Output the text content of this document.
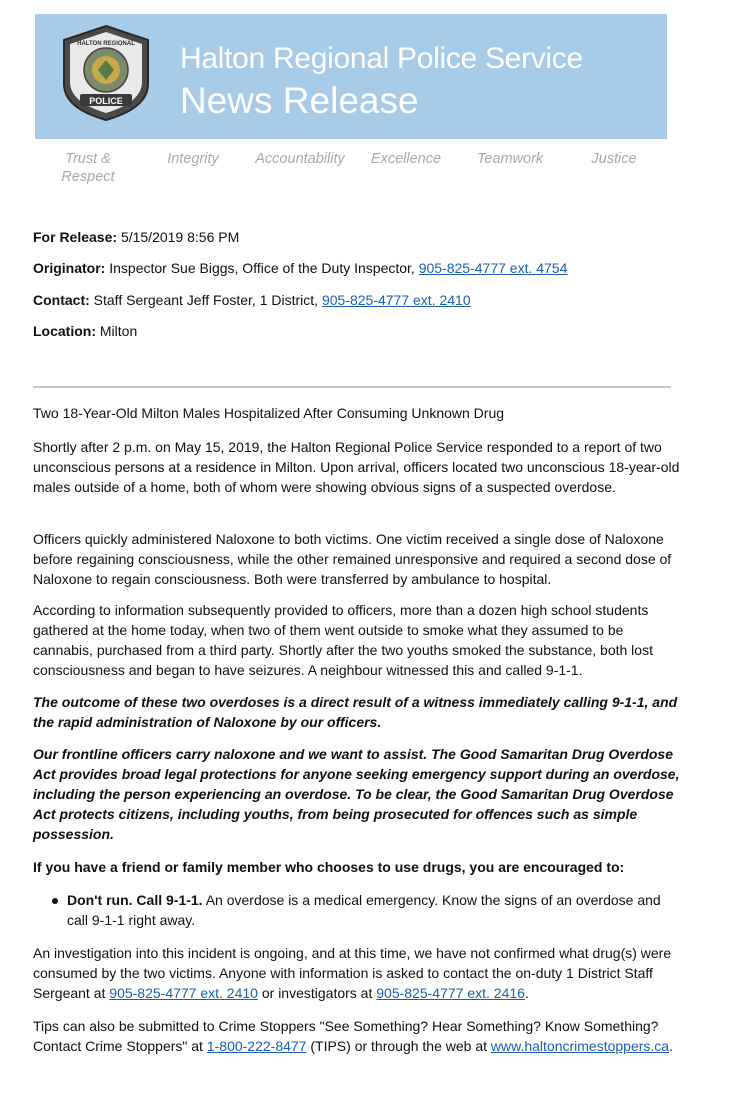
POLICE
HALTON REGIONAL Halton Regional Police Service
News Release
Trust & Respect
Integrity	Accountability	Excellence	Teamwork	Justice
For Release: 5/15/2019 8:56 PM
Originator: Inspector Sue Biggs, Office of the Duty Inspector, 905-825-4777 ext. 4754
Contact: Staff Sergeant Jeff Foster, 1 District, 905-825-4777 ext. 2410
Location: Milton
Two 18-Year-Old Milton Males Hospitalized After Consuming Unknown Drug
Shortly after 2 p.m. on May 15, 2019, the Halton Regional Police Service responded to a report of two unconscious persons at a residence in Milton. Upon arrival, officers located two unconscious 18-year-old males outside of a home, both of whom were showing obvious signs of a suspected overdose.
Officers quickly administered Naloxone to both victims. One victim received a single dose of Naloxone before regaining consciousness, while the other remained unresponsive and required a second dose of Naloxone to regain consciousness. Both were transferred by ambulance to hospital.
According to information subsequently provided to officers, more than a dozen high school students gathered at the home today, when two of them went outside to smoke what they assumed to be cannabis, purchased from a third party. Shortly after the two youths smoked the substance, both lost consciousness and began to have seizures. A neighbour witnessed this and called 9-1-1.
The outcome of these two overdoses is a direct result of a witness immediately calling 9-1-1, and the rapid administration of Naloxone by our officers.
Our frontline officers carry naloxone and we want to assist. The Good Samaritan Drug Overdose Act provides broad legal protections for anyone seeking emergency support during an overdose, including the person experiencing an overdose. To be clear, the Good Samaritan Drug Overdose Act protects citizens, including youths, from being prosecuted for offences such as simple possession.
If you have a friend or family member who chooses to use drugs, you are encouraged to:
Don't run. Call 9-1-1. An overdose is a medical emergency. Know the signs of an overdose and call 9-1-1 right away.
An investigation into this incident is ongoing, and at this time, we have not confirmed what drug(s) were consumed by the two victims. Anyone with information is asked to contact the on-duty 1 District Staff Sergeant at 905-825-4777 ext. 2410 or investigators at 905-825-4777 ext. 2416.
Tips can also be submitted to Crime Stoppers "See Something? Hear Something? Know Something? Contact Crime Stoppers" at 1-800-222-8477 (TIPS) or through the web at www.haltoncrimestoppers.ca.
